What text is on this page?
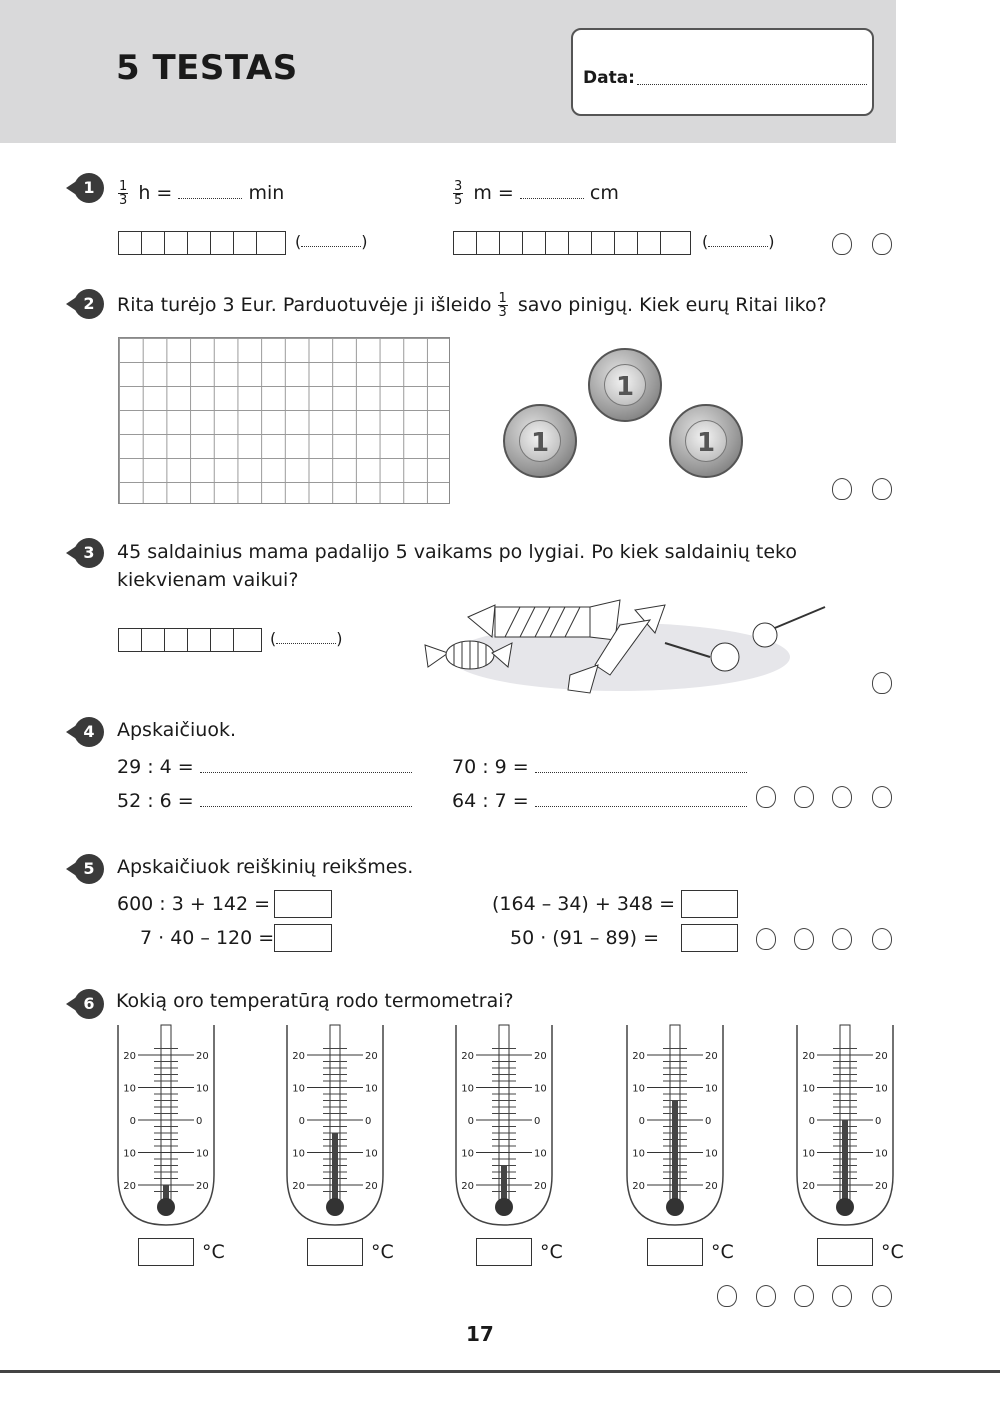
5 TESTAS	Data:
1	$\frac{1}{3}$ h =	min	$\frac{3}{5}$ m =	cm
(	)	(	)
2	Rita turėjo 3 Eur. Parduotuvėje ji išleido $\frac{1}{3}$ savo pinigų. Kiek eurų Ritai liko?
1
1	1
3	45 saldainius mama padalijo 5 vaikams po lygiai. Po kiek saldainių teko
kiekvienam vaikui?
(	)
4	Apskaičiuok.
29 : 4 =	70 : 9 =
52 : 6 =	64 : 7 =
5	Apskaičiuok reiškinių reikšmes.
600 : 3 + 142 =
7 · 40 – 120 =
(164 – 34) + 348 =
50 · (91 – 89) =
6	Kokią oro temperatūrą rodo termometrai?
20	20
10	10
0	0
10	10
20	20
°C
20	20
10	10
0	0
10	10
20	20
°C
20	20
10	10
0	0
10	10
20	20
°C
20	20
10	10
0	0
10	10
20	20
°C
20	20
10	10
0	0
10	10
20	20
°C
17
